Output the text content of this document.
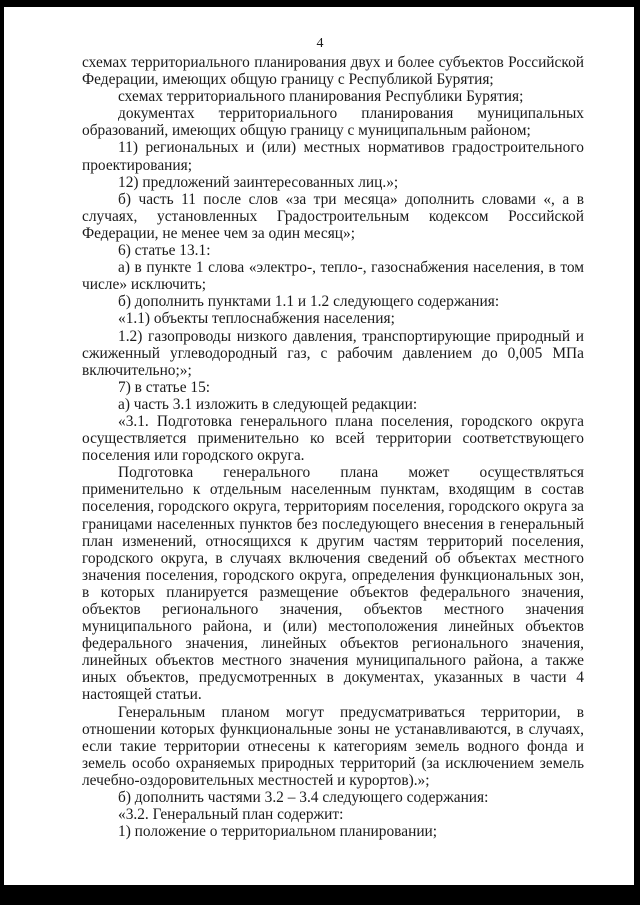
4

схемах территориального планирования двух и более субъектов Российской Федерации, имеющих общую границу с Республикой Бурятия;

схемах территориального планирования Республики Бурятия;

документах территориального планирования муниципальных образований, имеющих общую границу с муниципальным районом;

11) региональных и (или) местных нормативов градостроительного проектирования;

12) предложений заинтересованных лиц.»;

б) часть 11 после слов «за три месяца» дополнить словами «, а в случаях, установленных Градостроительным кодексом Российской Федерации, не менее чем за один месяц»;

6) статье 13.1:

а) в пункте 1 слова «электро-, тепло-, газоснабжения населения, в том числе» исключить;

б) дополнить пунктами 1.1 и 1.2 следующего содержания:

«1.1) объекты теплоснабжения населения;

1.2) газопроводы низкого давления, транспортирующие природный и сжиженный углеводородный газ, с рабочим давлением до 0,005 МПа включительно;»;

7) в статье 15:

а) часть 3.1 изложить в следующей редакции:

«3.1. Подготовка генерального плана поселения, городского округа осуществляется применительно ко всей территории соответствующего поселения или городского округа.

Подготовка генерального плана может осуществляться применительно к отдельным населенным пунктам, входящим в состав поселения, городского округа, территориям поселения, городского округа за границами населенных пунктов без последующего внесения в генеральный план изменений, относящихся к другим частям территорий поселения, городского округа, в случаях включения сведений об объектах местного значения поселения, городского округа, определения функциональных зон, в которых планируется размещение объектов федерального значения, объектов регионального значения, объектов местного значения муниципального района, и (или) местоположения линейных объектов федерального значения, линейных объектов регионального значения, линейных объектов местного значения муниципального района, а также иных объектов, предусмотренных в документах, указанных в части 4 настоящей статьи.

Генеральным планом могут предусматриваться территории, в отношении которых функциональные зоны не устанавливаются, в случаях, если такие территории отнесены к категориям земель водного фонда и земель особо охраняемых природных территорий (за исключением земель лечебно-оздоровительных местностей и курортов).»;

б) дополнить частями 3.2 – 3.4 следующего содержания:

«3.2. Генеральный план содержит:

1) положение о территориальном планировании;
